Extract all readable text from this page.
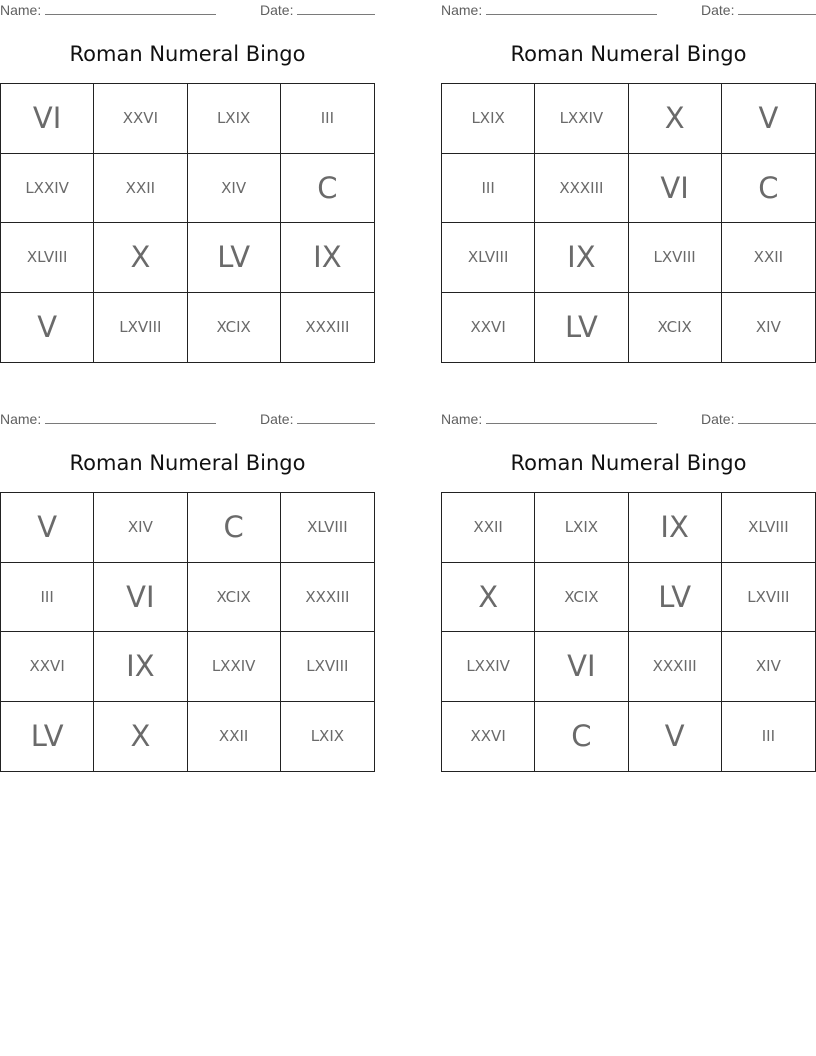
Name:	Date:
Roman Numeral Bingo
VI	XXVI	LXIX	III
LXXIV	XXII	XIV	C
XLVIII	X	LV	IX
V	LXVIII	XCIX	XXXIII
Name:	Date:
Roman Numeral Bingo
LXIX	LXXIV	X	V
III	XXXIII	VI	C
XLVIII	IX	LXVIII	XXII
XXVI	LV	XCIX	XIV
Name:	Date:
Roman Numeral Bingo
V	XIV	C	XLVIII
III	VI	XCIX	XXXIII
XXVI	IX	LXXIV	LXVIII
LV	X	XXII	LXIX
Name:	Date:
Roman Numeral Bingo
XXII	LXIX	IX	XLVIII
X	XCIX	LV	LXVIII
LXXIV	VI	XXXIII	XIV
XXVI	C	V	III
